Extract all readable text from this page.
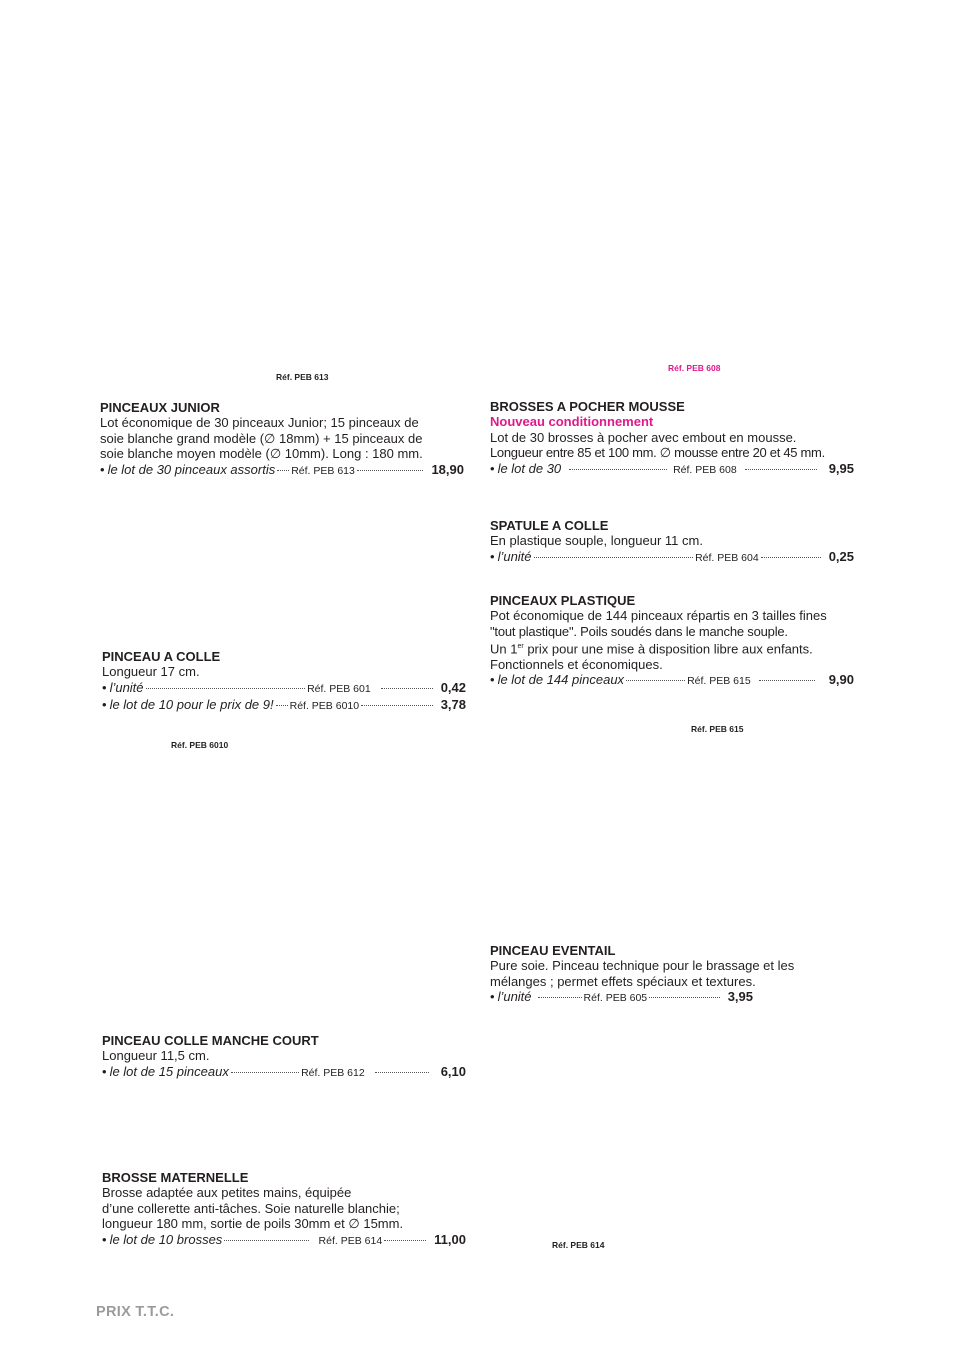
Réf. PEB 613
Réf. PEB 608
Réf. PEB 6010
Réf. PEB 615
Réf. PEB 614
PINCEAUX JUNIOR
Lot économique de 30 pinceaux Junior; 15 pinceaux de
soie blanche grand modèle (∅ 18mm) + 15 pinceaux de
soie blanche moyen modèle (∅ 10mm). Long : 180 mm.
• le lot de 30 pinceaux assortis Réf. PEB 613	18,90
BROSSES A POCHER MOUSSE
Nouveau conditionnement
Lot de 30 brosses à pocher avec embout en mousse.
Longueur entre 85 et 100 mm. ∅ mousse entre 20 et 45 mm.
• le lot de 30	Réf. PEB 608	9,95
SPATULE A COLLE
En plastique souple, longueur 11 cm.
• l’unité	Réf. PEB 604	0,25
PINCEAUX PLASTIQUE
Pot économique de 144 pinceaux répartis en 3 tailles fines
"tout plastique". Poils soudés dans le manche souple.
Un 1er prix pour une mise à disposition libre aux enfants.
Fonctionnels et économiques.
• le lot de 144 pinceaux	Réf. PEB 615	9,90
PINCEAU A COLLE
Longueur 17 cm.
• l’unité	Réf. PEB 601	0,42
• le lot de 10 pour le prix de 9! Réf. PEB 6010	3,78
PINCEAU EVENTAIL
Pure soie. Pinceau technique pour le brassage et les
mélanges ; permet effets spéciaux et textures.
• l’unité	Réf. PEB 605	3,95
PINCEAU COLLE MANCHE COURT
Longueur 11,5 cm.
• le lot de 15 pinceaux	Réf. PEB 612	6,10
BROSSE MATERNELLE
Brosse adaptée aux petites mains, équipée
d’une collerette anti-tâches. Soie naturelle blanchie;
longueur 180 mm, sortie de poils 30mm et ∅ 15mm.
• le lot de 10 brosses	Réf. PEB 614	11,00
PRIX T.T.C.
